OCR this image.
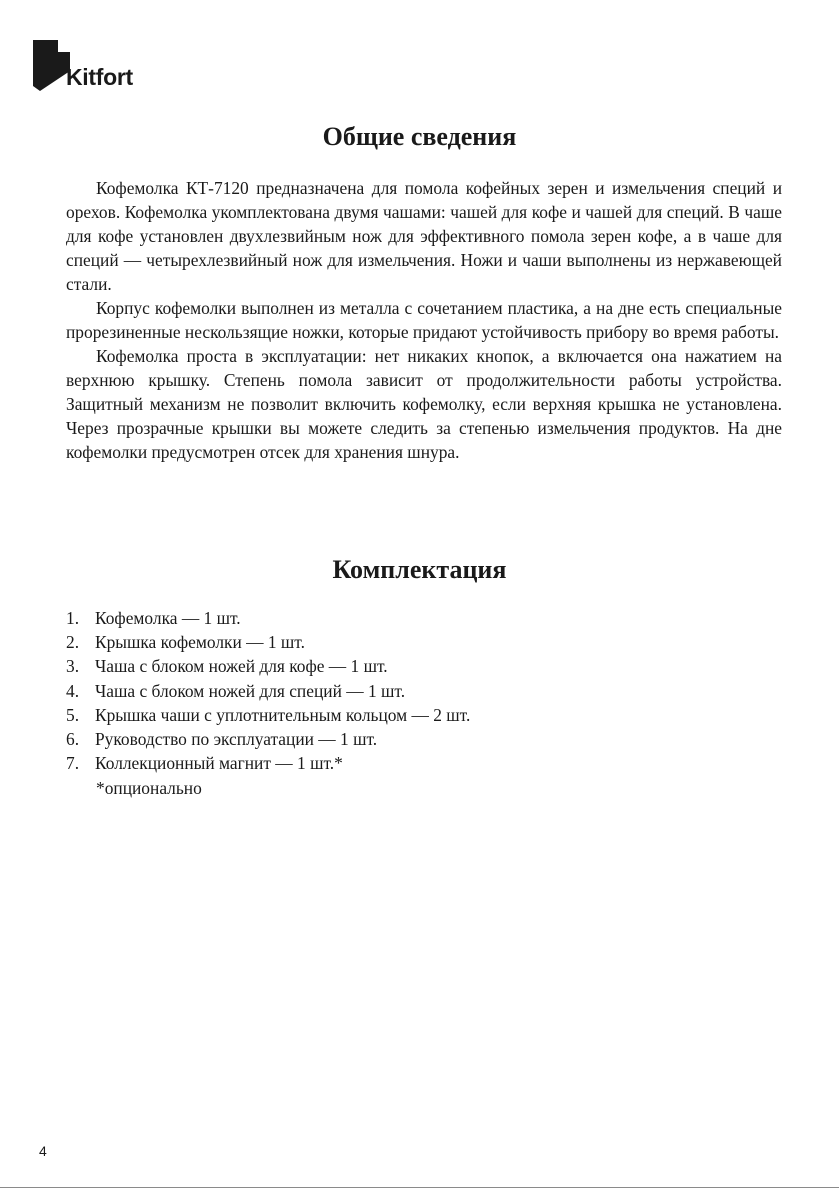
Kitfort
Общие сведения

Кофемолка КТ-7120 предназначена для помола кофейных зерен и измельчения специй и орехов. Кофемолка укомплектована двумя чашами: чашей для кофе и чашей для специй. В чаше для кофе установлен двухлезвийным нож для эффективного помола зерен кофе, а в чаше для специй — четырехлезвийный нож для измельчения. Ножи и чаши выполнены из нержавеющей стали.

Корпус кофемолки выполнен из металла с сочетанием пластика, а на дне есть специальные прорезиненные нескользящие ножки, которые придают устойчивость прибору во время работы.

Кофемолка проста в эксплуатации: нет никаких кнопок, а включается она нажатием на верхнюю крышку. Степень помола зависит от продолжительности работы устройства. Защитный механизм не позволит включить кофемолку, если верхняя крышка не установлена. Через прозрачные крышки вы можете следить за степенью измельчения продуктов. На дне кофемолки предусмотрен отсек для хранения шнура.

Комплектация
1. Кофемолка — 1 шт.
2. Крышка кофемолки — 1 шт.
3. Чаша с блоком ножей для кофе — 1 шт.
4. Чаша с блоком ножей для специй — 1 шт.
5. Крышка чаши с уплотнительным кольцом — 2 шт.
6. Руководство по эксплуатации — 1 шт.
7. Коллекционный магнит — 1 шт.*

*опционально

4
